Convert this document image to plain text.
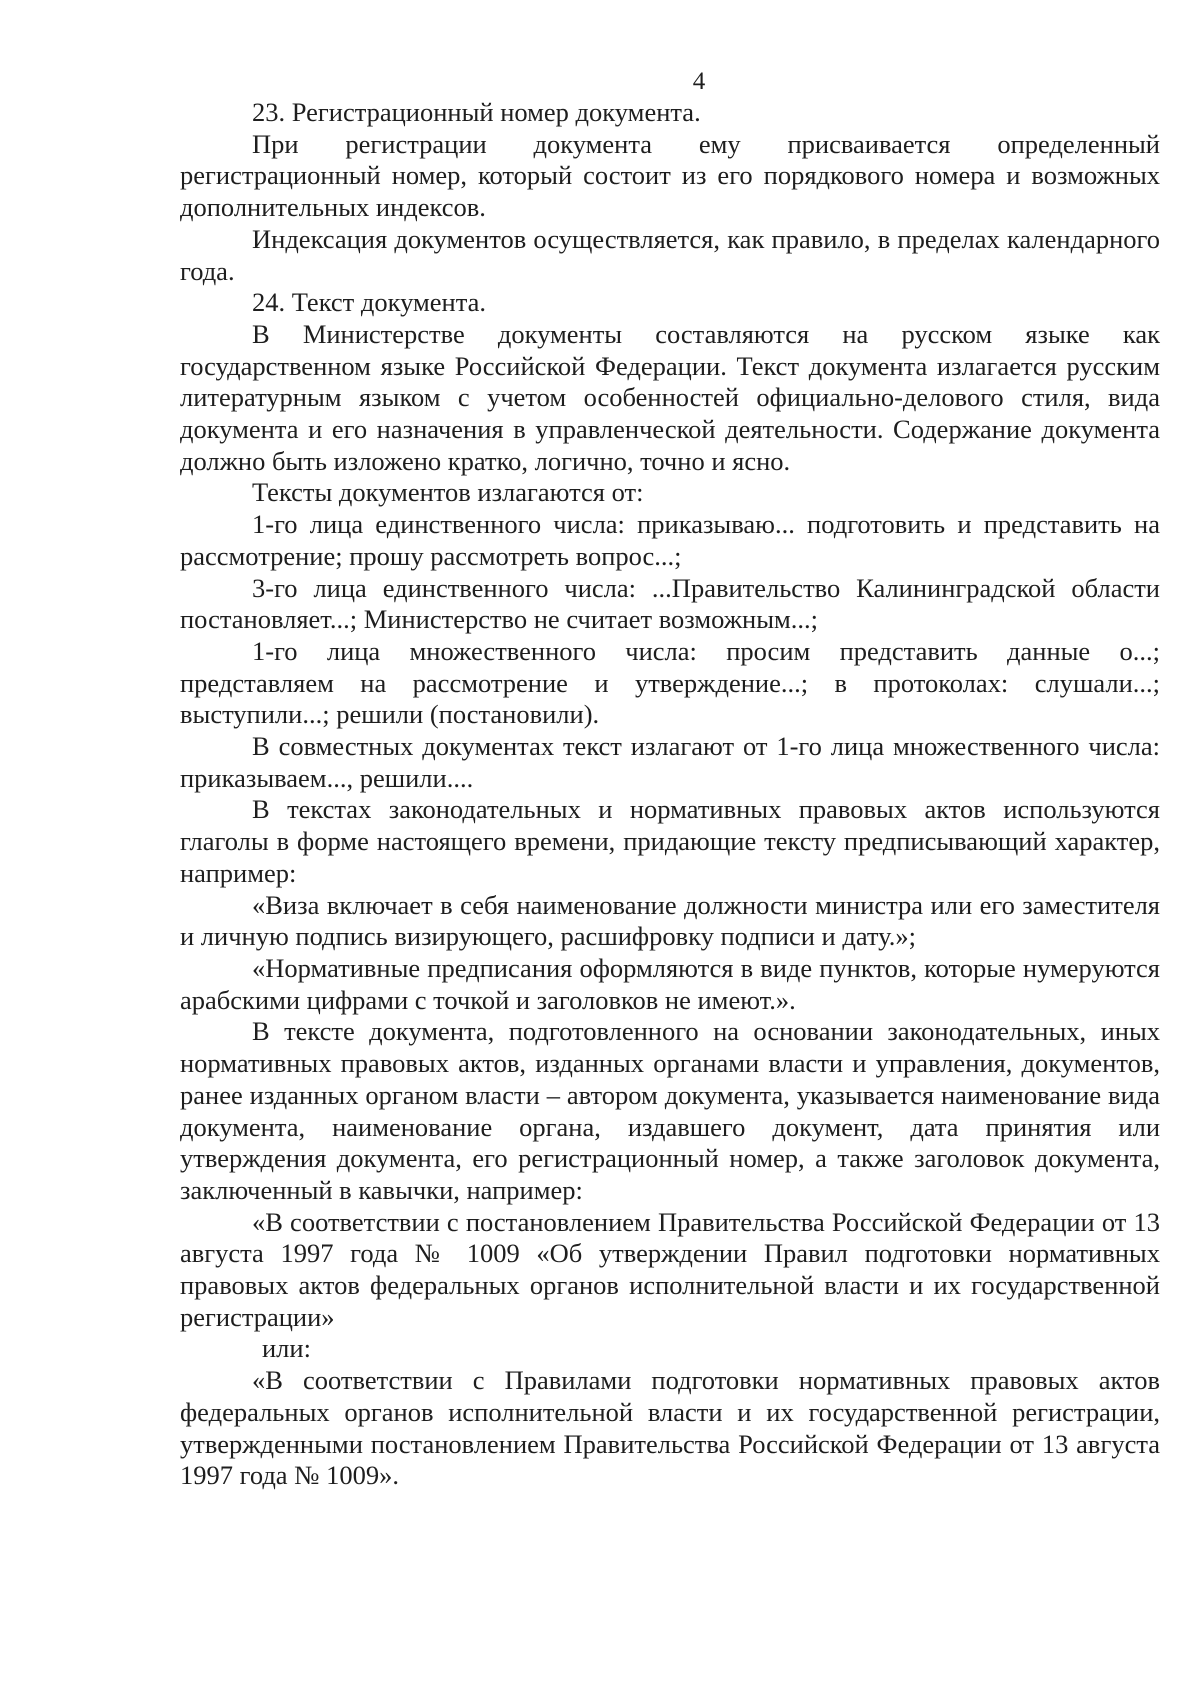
4

23. Регистрационный номер документа.

При регистрации документа ему присваивается определенный регистрационный номер, который состоит из его порядкового номера и возможных дополнительных индексов.

Индексация документов осуществляется, как правило, в пределах календарного года.

24. Текст документа.

В Министерстве документы составляются на русском языке как государственном языке Российской Федерации. Текст документа излагается русским литературным языком с учетом особенностей официально-делового стиля, вида документа и его назначения в управленческой деятельности. Содержание документа должно быть изложено кратко, логично, точно и ясно.

Тексты документов излагаются от:

1-го лица единственного числа: приказываю... подготовить и представить на рассмотрение; прошу рассмотреть вопрос...;

3-го лица единственного числа: ...Правительство Калининградской области постановляет...; Министерство не считает возможным...;

1-го лица множественного числа: просим представить данные о...; представляем на рассмотрение и утверждение...; в протоколах: слушали...; выступили...; решили (постановили).

В совместных документах текст излагают от 1-го лица множественного числа: приказываем..., решили....

В текстах законодательных и нормативных правовых актов используются глаголы в форме настоящего времени, придающие тексту предписывающий характер, например:

«Виза включает в себя наименование должности министра или его заместителя и личную подпись визирующего, расшифровку подписи и дату.»;

«Нормативные предписания оформляются в виде пунктов, которые нумеруются арабскими цифрами с точкой и заголовков не имеют.».

В тексте документа, подготовленного на основании законодательных, иных нормативных правовых актов, изданных органами власти и управления, документов, ранее изданных органом власти – автором документа, указывается наименование вида документа, наименование органа, издавшего документ, дата принятия или утверждения документа, его регистрационный номер, а также заголовок документа, заключенный в кавычки, например:

«В соответствии с постановлением Правительства Российской Федерации от 13 августа 1997 года № 1009 «Об утверждении Правил подготовки нормативных правовых актов федеральных органов исполнительной власти и их государственной регистрации»

или:

«В соответствии с Правилами подготовки нормативных правовых актов федеральных органов исполнительной власти и их государственной регистрации, утвержденными постановлением Правительства Российской Федерации от 13 августа 1997 года № 1009».
